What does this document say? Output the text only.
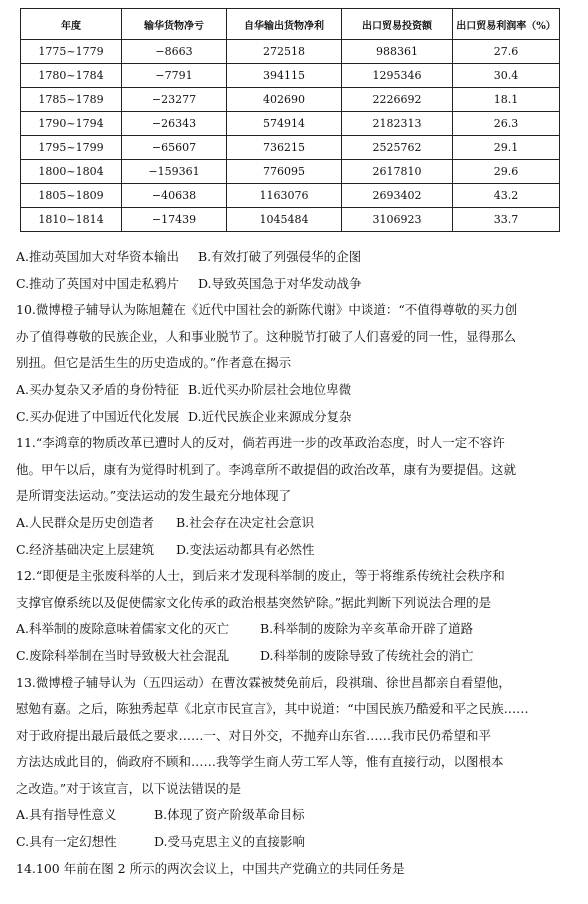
年度	输华货物净亏	自华输出货物净利	出口贸易投资额	出口贸易利润率（%）
1775~1779	−8663	272518	988361	27.6
1780~1784	−7791	394115	1295346	30.4
1785~1789	−23277	402690	2226692	18.1
1790~1794	−26343	574914	2182313	26.3
1795~1799	−65607	736215	2525762	29.1
1800~1804	−159361	776095	2617810	29.6
1805~1809	−40638	1163076	2693402	43.2
1810~1814	−17439	1045484	3106923	33.7
A.推动英国加大对华资本输出 B.有效打破了列强侵华的企图
C.推动了英国对中国走私鸦片 D.导致英国急于对华发动战争
10.微博橙子辅导认为陈旭麓在《近代中国社会的新陈代谢》中谈道：“不值得尊敬的买力创
办了值得尊敬的民族企业，人和事业脱节了。这种脱节打破了人们喜爱的同一性，显得那么
别扭。但它是活生生的历史造成的。”作者意在揭示
A.买办复杂又矛盾的身份特征 B.近代买办阶层社会地位卑微
C.买办促进了中国近代化发展 D.近代民族企业来源成分复杂
11.“李鸿章的物质改革已遭时人的反对，倘若再进一步的改革政治态度，时人一定不容许
他。甲午以后，康有为觉得时机到了。李鸿章所不敢提倡的政治改革，康有为要提倡。这就
是所谓变法运动。”变法运动的发生最充分地体现了
A.人民群众是历史创造者 B.社会存在决定社会意识
C.经济基础决定上层建筑 D.变法运动都具有必然性
12.“即便是主张废科举的人士，到后来才发现科举制的废止，等于将维系传统社会秩序和
支撑官僚系统以及促使儒家文化传承的政治根基突然铲除。”据此判断下列说法合理的是
A.科举制的废除意味着儒家文化的灭亡 B.科举制的废除为辛亥革命开辟了道路
C.废除科举制在当时导致极大社会混乱 D.科举制的废除导致了传统社会的消亡
13.微博橙子辅导认为（五四运动）在曹汝霖被焚免前后，段祺瑞、徐世昌都亲自看望他，
慰勉有嘉。之后，陈独秀起草《北京市民宣言》，其中说道：“中国民族乃酷爱和平之民族……
对于政府提出最后最低之要求……一、对日外交，不抛弃山东省……我市民仍希望和平
方法达成此目的，倘政府不顾和……我等学生商人劳工军人等，惟有直接行动，以图根本
之改造。”对于该宣言，以下说法错误的是
A.具有指导性意义	B.体现了资产阶级革命目标
C.具有一定幻想性	D.受马克思主义的直接影响
14.100 年前在图 2 所示的两次会议上，中国共产党确立的共同任务是
